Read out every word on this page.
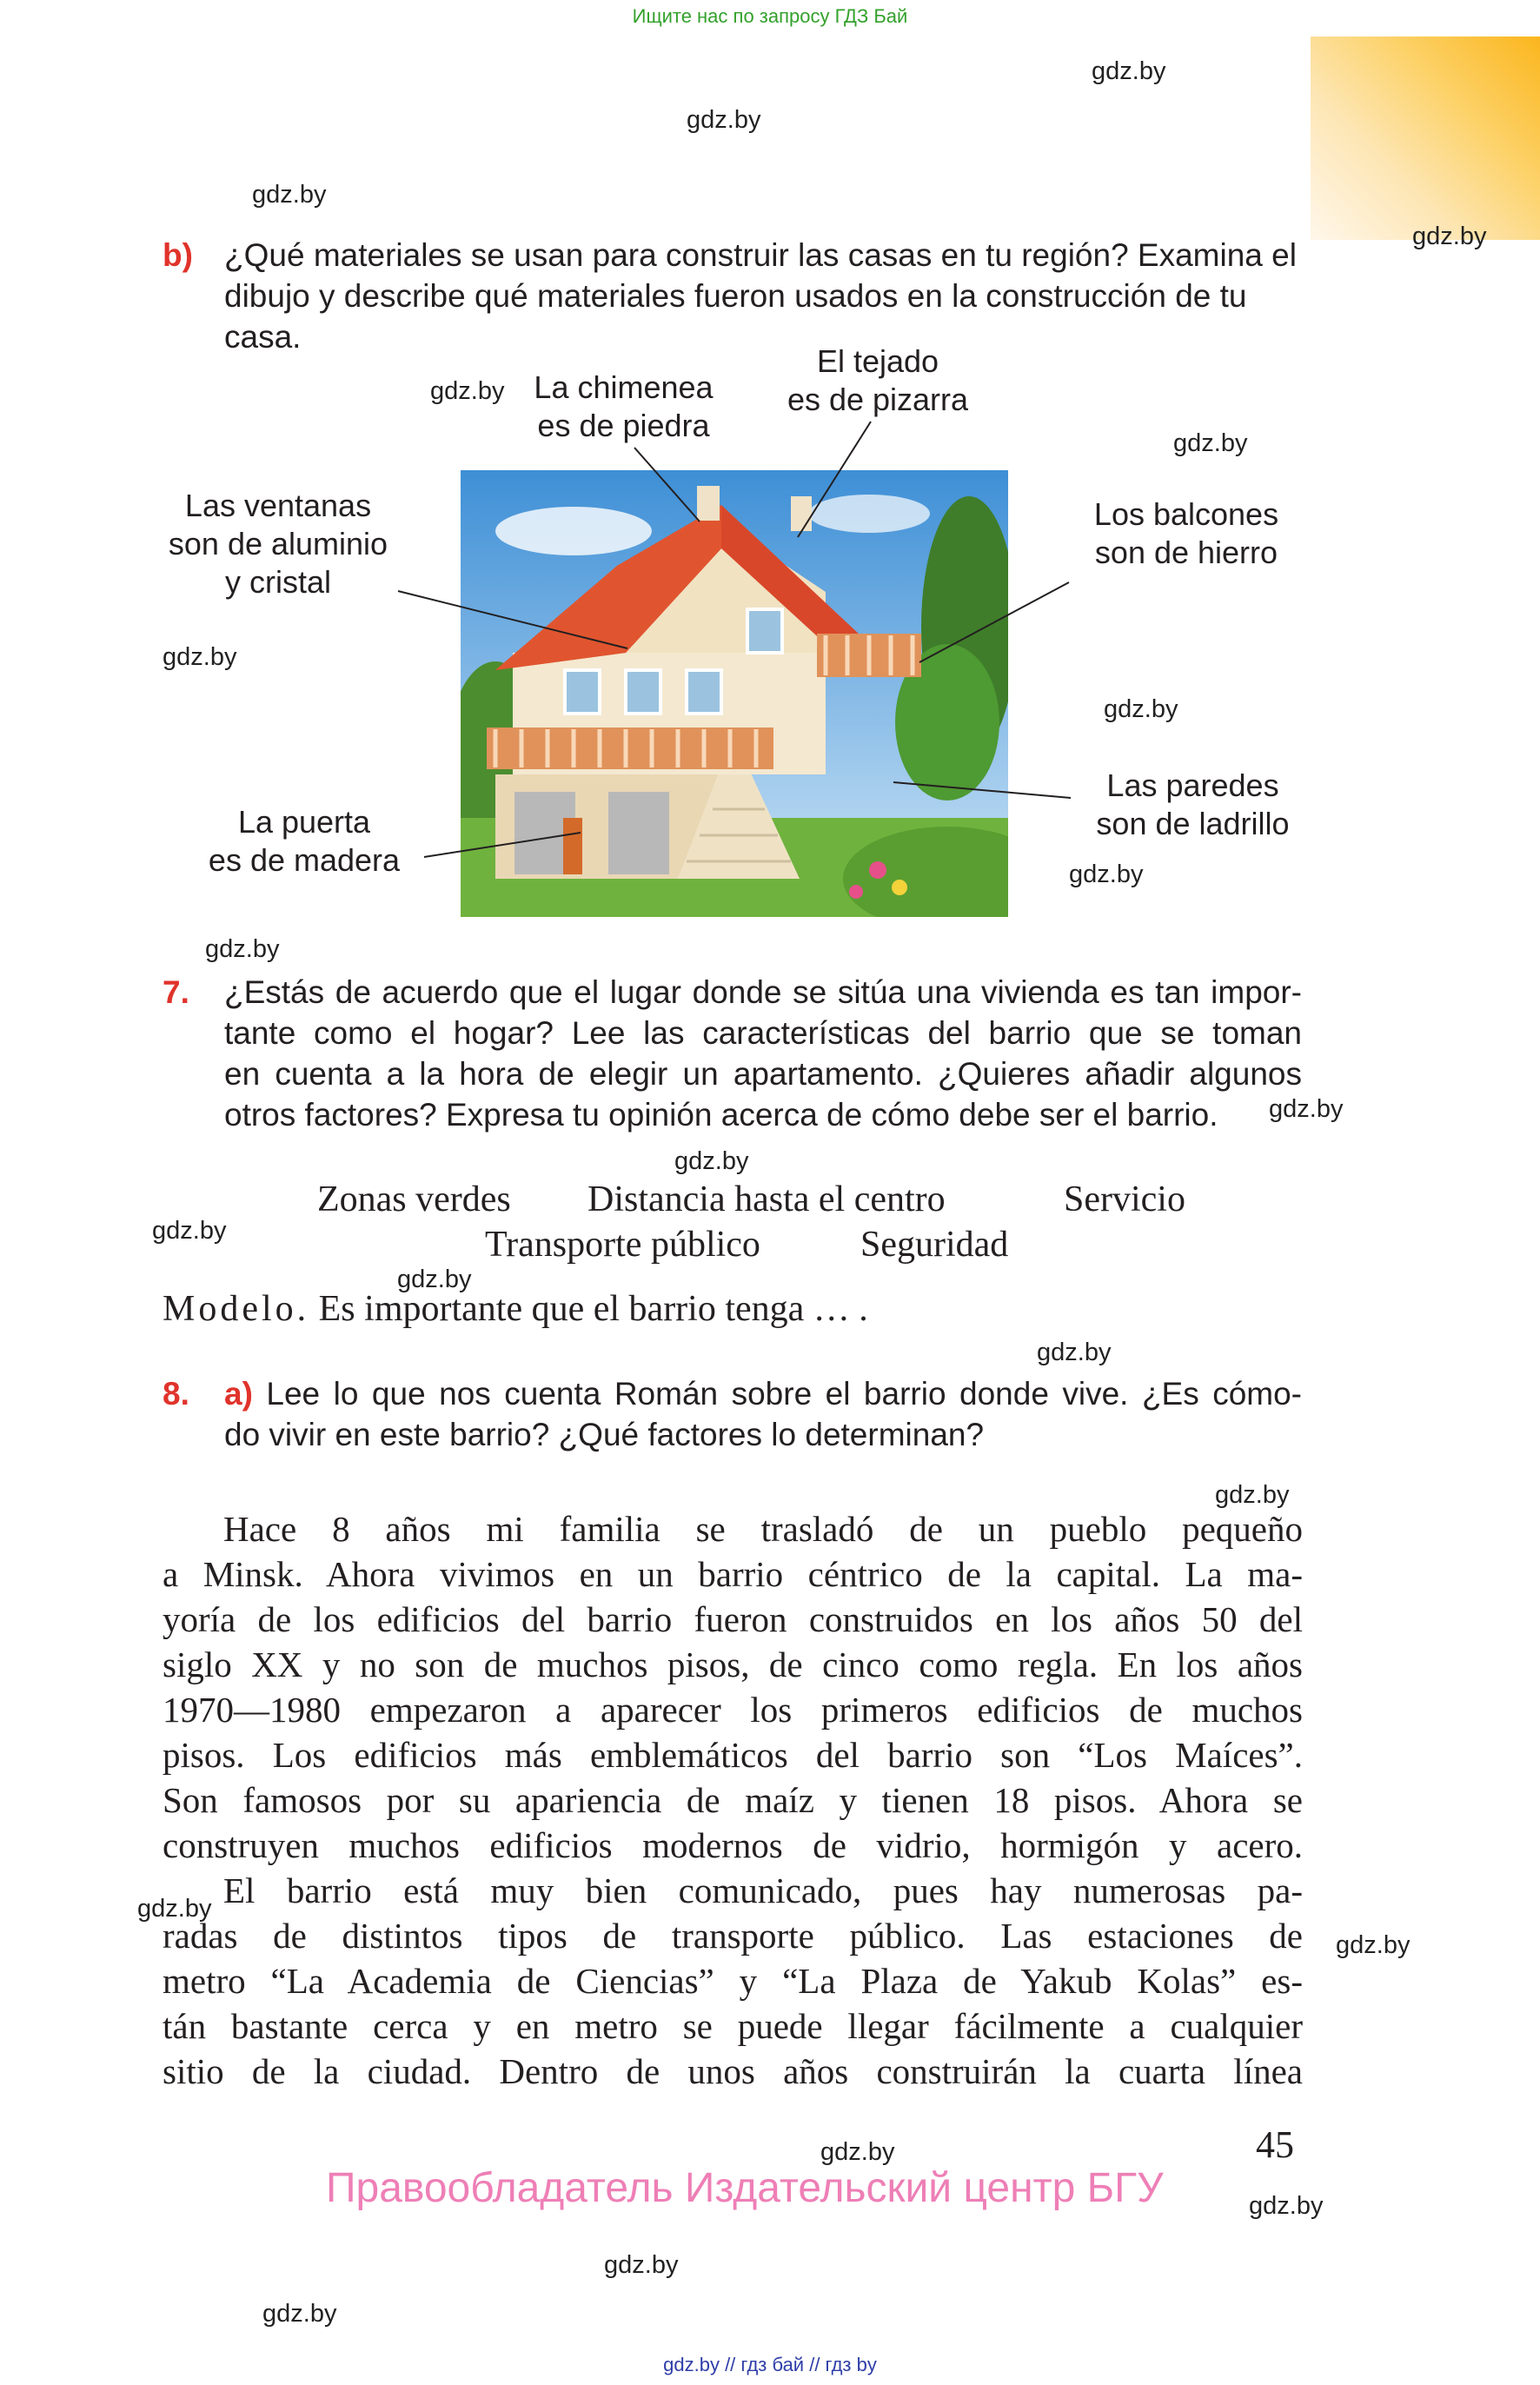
Ищите нас по запросу ГДЗ Бай
gdz.by
gdz.by
gdz.by
gdz.by
gdz.by
gdz.by
gdz.by
gdz.by
gdz.by
gdz.by
gdz.by
gdz.by
gdz.by
gdz.by
gdz.by
gdz.by
gdz.by
gdz.by
gdz.by
gdz.by
gdz.by
gdz.by
b) ¿Qué materiales se usan para construir las casas en tu región? Examina el
dibujo y describe qué materiales fueron usados en la construcción de tu casa.
La chimenea
es de piedra
El tejado
es de pizarra
Las ventanas
son de aluminio
y cristal
Los balcones
son de hierro
Las paredes
son de ladrillo
La puerta
es de madera
7. ¿Estás de acuerdo que el lugar donde se sitúa una vivienda es tan impor-
tante como el hogar? Lee las características del barrio que se toman
en cuenta a la hora de elegir un apartamento. ¿Quieres añadir algunos
otros factores? Expresa tu opinión acerca de cómo debe ser el barrio.
Zonas verdes Distancia hasta el centro	Servicio
Transporte público	Seguridad
Modelo. Es importante que el barrio tenga … .
8. a) Lee lo que nos cuenta Román sobre el barrio donde vive. ¿Es cómo-
do vivir en este barrio? ¿Qué factores lo determinan?
Hace 8 años mi familia se trasladó de un pueblo pequeño
a Minsk. Ahora vivimos en un barrio céntrico de la capital. La ma-
yoría de los edificios del barrio fueron construidos en los años 50 del
siglo XX y no son de muchos pisos, de cinco como regla. En los años
1970—1980 empezaron a aparecer los primeros edificios de muchos
pisos. Los edificios más emblemáticos del barrio son “Los Maíces”.
Son famosos por su apariencia de maíz y tienen 18 pisos. Ahora se
construyen muchos edificios modernos de vidrio, hormigón y acero.
El barrio está muy bien comunicado, pues hay numerosas pa-
radas de distintos tipos de transporte público. Las estaciones de
metro “La Academia de Ciencias” y “La Plaza de Yakub Kolas” es-
tán bastante cerca y en metro se puede llegar fácilmente a cualquier
sitio de la ciudad. Dentro de unos años construirán la cuarta línea
45
Правообладатель Издательский центр БГУ
gdz.by // гдз бай // гдз by
